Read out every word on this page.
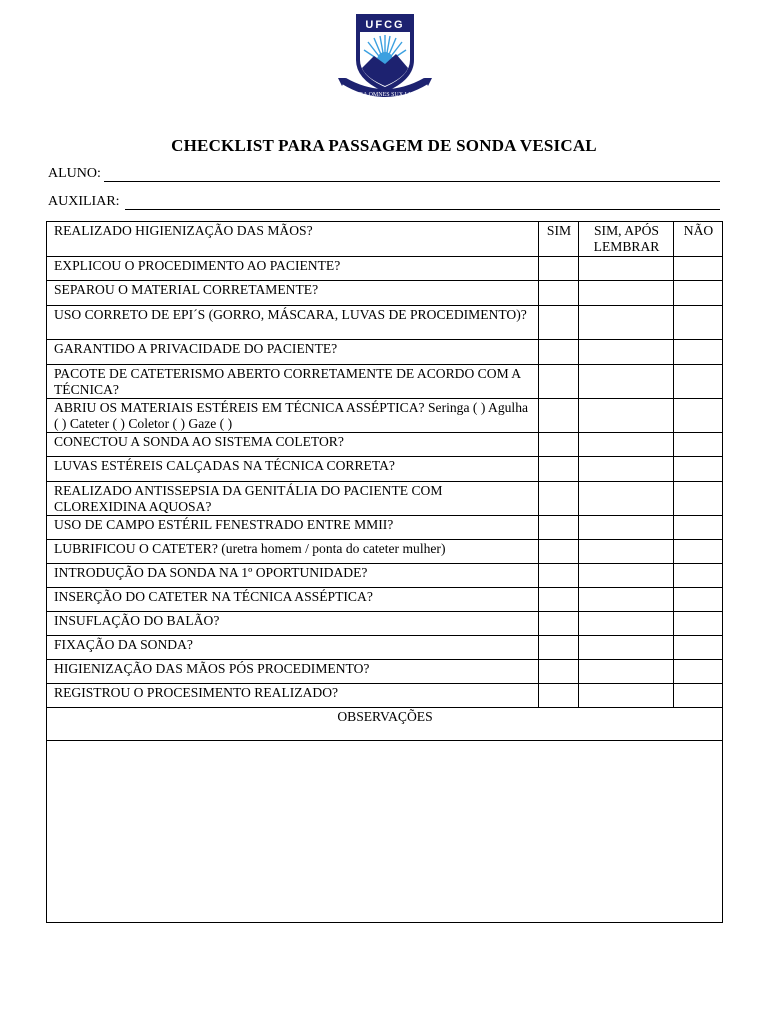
UFCG
SUPRA OMNES SUX LUCIS
CHECKLIST PARA PASSAGEM DE SONDA VESICAL
ALUNO:
AUXILIAR:
REALIZADO HIGIENIZAÇÃO DAS MÃOS?	SIM	SIM, APÓS LEMBRAR	NÃO
EXPLICOU O PROCEDIMENTO AO PACIENTE?			
SEPAROU O MATERIAL CORRETAMENTE?			
USO CORRETO DE EPI´S (GORRO, MÁSCARA, LUVAS DE PROCEDIMENTO)?			
GARANTIDO A PRIVACIDADE DO PACIENTE?			
PACOTE DE CATETERISMO ABERTO CORRETAMENTE DE ACORDO COM A TÉCNICA?			
ABRIU OS MATERIAIS ESTÉREIS EM TÉCNICA ASSÉPTICA? Seringa ( ) Agulha ( ) Cateter ( ) Coletor ( ) Gaze ( )			
CONECTOU A SONDA AO SISTEMA COLETOR?			
LUVAS ESTÉREIS CALÇADAS NA TÉCNICA CORRETA?			
REALIZADO ANTISSEPSIA DA GENITÁLIA DO PACIENTE COM CLOREXIDINA AQUOSA?			
USO DE CAMPO ESTÉRIL FENESTRADO ENTRE MMII?			
LUBRIFICOU O CATETER? (uretra homem / ponta do cateter mulher)			
INTRODUÇÃO DA SONDA NA 1º OPORTUNIDADE?			
INSERÇÃO DO CATETER NA TÉCNICA ASSÉPTICA?			
INSUFLAÇÃO DO BALÃO?			
FIXAÇÃO DA SONDA?			
HIGIENIZAÇÃO DAS MÃOS PÓS PROCEDIMENTO?			
REGISTROU O PROCESIMENTO REALIZADO?			
OBSERVAÇÕES			
